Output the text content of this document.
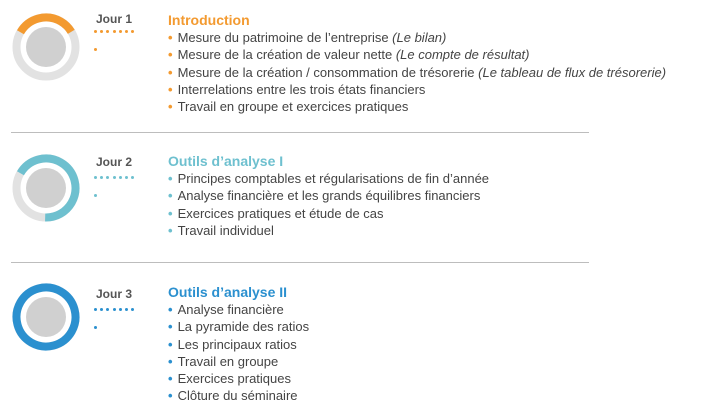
Jour 1	Introduction
• Mesure du patrimoine de l’entreprise (Le bilan)
• Mesure de la création de valeur nette (Le compte de résultat)
• Mesure de la création / consommation de trésorerie (Le tableau de flux de trésorerie)
• Interrelations entre les trois états financiers
• Travail en groupe et exercices pratiques
Jour 2	Outils d’analyse I
• Principes comptables et régularisations de fin d’année
• Analyse financière et les grands équilibres financiers
• Exercices pratiques et étude de cas
• Travail individuel
Jour 3	Outils d’analyse II
• Analyse financière
• La pyramide des ratios
• Les principaux ratios
• Travail en groupe
• Exercices pratiques
• Clôture du séminaire
